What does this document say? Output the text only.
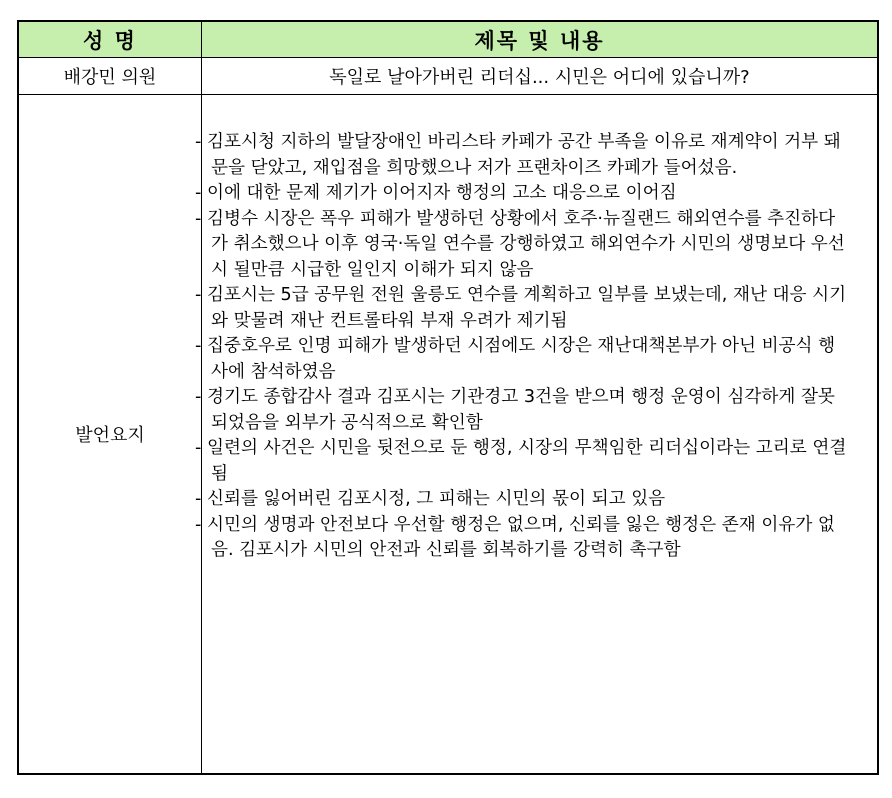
성 명	제목 및 내용
배강민 의원	독일로 날아가버린 리더십... 시민은 어디에 있습니까?
발언요지
- 김포시청 지하의 발달장애인 바리스타 카페가 공간 부족을 이유로 재계약이 거부 돼 문을 닫았고, 재입점을 희망했으나 저가 프랜차이즈 카페가 들어섰음.
- 이에 대한 문제 제기가 이어지자 행정의 고소 대응으로 이어짐
- 김병수 시장은 폭우 피해가 발생하던 상황에서 호주·뉴질랜드 해외연수를 추진하다가 취소했으나 이후 영국·독일 연수를 강행하였고 해외연수가 시민의 생명보다 우선시 될만큼 시급한 일인지 이해가 되지 않음
- 김포시는 5급 공무원 전원 울릉도 연수를 계획하고 일부를 보냈는데, 재난 대응 시기와 맞물려 재난 컨트롤타워 부재 우려가 제기됨
- 집중호우로 인명 피해가 발생하던 시점에도 시장은 재난대책본부가 아닌 비공식 행사에 참석하였음
- 경기도 종합감사 결과 김포시는 기관경고 3건을 받으며 행정 운영이 심각하게 잘못되었음을 외부가 공식적으로 확인함
- 일련의 사건은 시민을 뒷전으로 둔 행정, 시장의 무책임한 리더십이라는 고리로 연결됨
- 신뢰를 잃어버린 김포시정, 그 피해는 시민의 몫이 되고 있음
- 시민의 생명과 안전보다 우선할 행정은 없으며, 신뢰를 잃은 행정은 존재 이유가 없음. 김포시가 시민의 안전과 신뢰를 회복하기를 강력히 촉구함
